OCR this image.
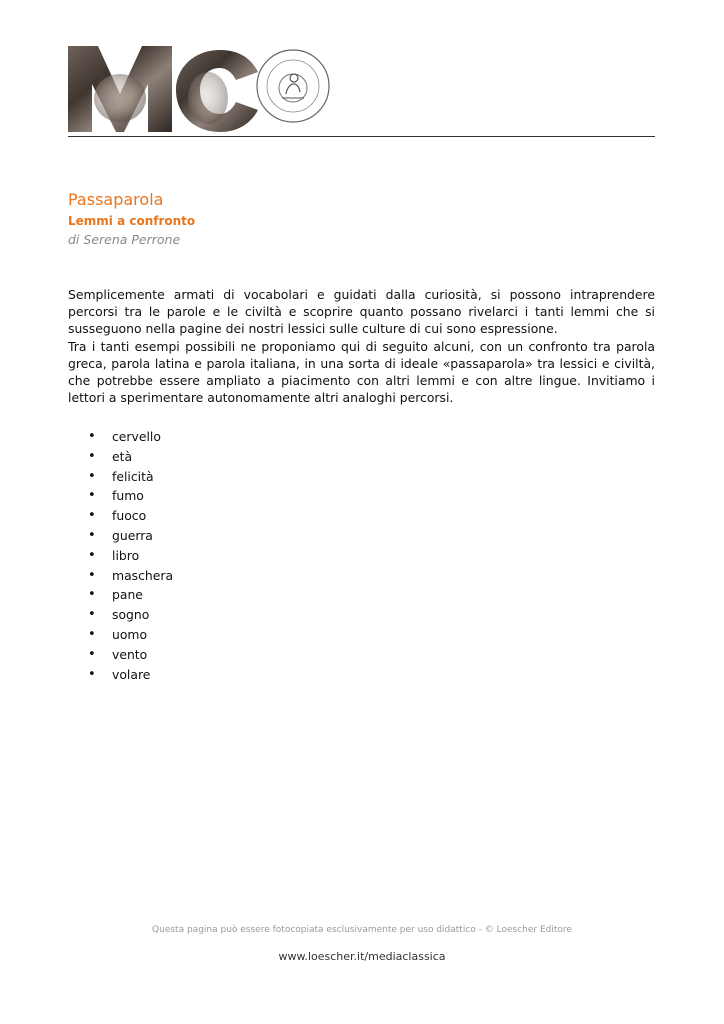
Passaparola
Lemmi a confronto
di Serena Perrone

Semplicemente armati di vocabolari e guidati dalla curiosità, si possono intraprendere percorsi tra le parole e le civiltà e scoprire quanto possano rivelarci i tanti lemmi che si susseguono nella pagine dei nostri lessici sulle culture di cui sono espressione.

Tra i tanti esempi possibili ne proponiamo qui di seguito alcuni, con un confronto tra parola greca, parola latina e parola italiana, in una sorta di ideale «passaparola» tra lessici e civiltà, che potrebbe essere ampliato a piacimento con altri lemmi e con altre lingue. Invitiamo i lettori a sperimentare autonomamente altri analoghi percorsi.

•	cervello
•	età
•	felicità
•	fumo
•	fuoco
•	guerra
•	libro
•	maschera
•	pane
•	sogno
•	uomo
•	vento
•	volare
Questa pagina può essere fotocopiata esclusivamente per uso didattico - © Loescher Editore
www.loescher.it/mediaclassica
